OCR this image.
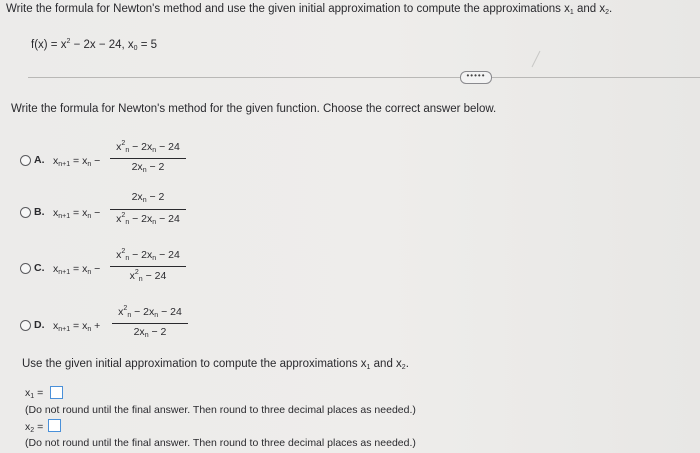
Write the formula for Newton's method and use the given initial approximation to compute the approximations $x_1$ and $x_2$.
$f(x) = x^2 - 2x - 24$, $x_0 = 5$
•••••
Write the formula for Newton's method for the given function. Choose the correct answer below.
A. $x_{n+1} = x_n$ −
$x^2_n - 2x_n - 24$
$2x_n - 2$
B. $x_{n+1} = x_n$ −
$2x_n - 2$
$x^2_n - 2x_n - 24$
C. $x_{n+1} = x_n$ −
$x^2_n - 2x_n - 24$
$x^2_n - 24$
D. $x_{n+1} = x_n$ +
$x^2_n - 2x_n - 24$
$2x_n - 2$
Use the given initial approximation to compute the approximations $x_1$ and $x_2$.
$x_1$ =
(Do not round until the final answer. Then round to three decimal places as needed.)
$x_2$ =
(Do not round until the final answer. Then round to three decimal places as needed.)
